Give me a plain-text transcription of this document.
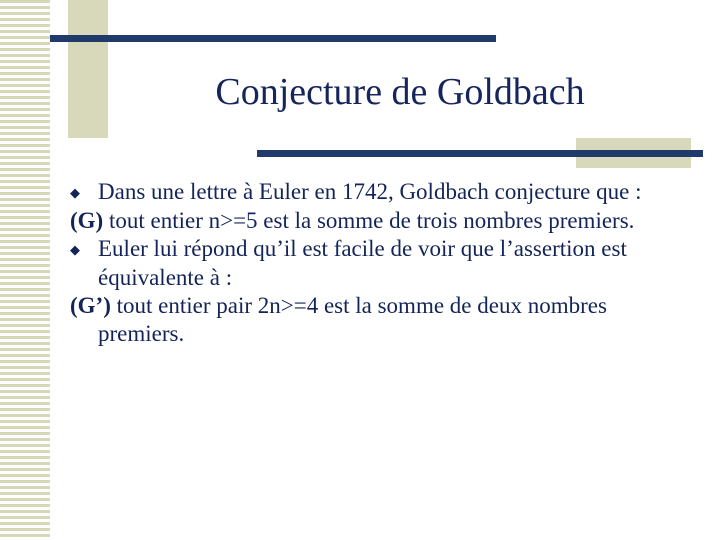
Conjecture de Goldbach

◆ Dans une lettre à Euler en 1742, Goldbach conjecture que :

(G) tout entier n>=5 est la somme de trois nombres premiers.

◆ Euler lui répond qu’il est facile de voir que l’assertion est équivalente à :

(G’) tout entier pair 2n>=4 est la somme de deux nombres premiers.
